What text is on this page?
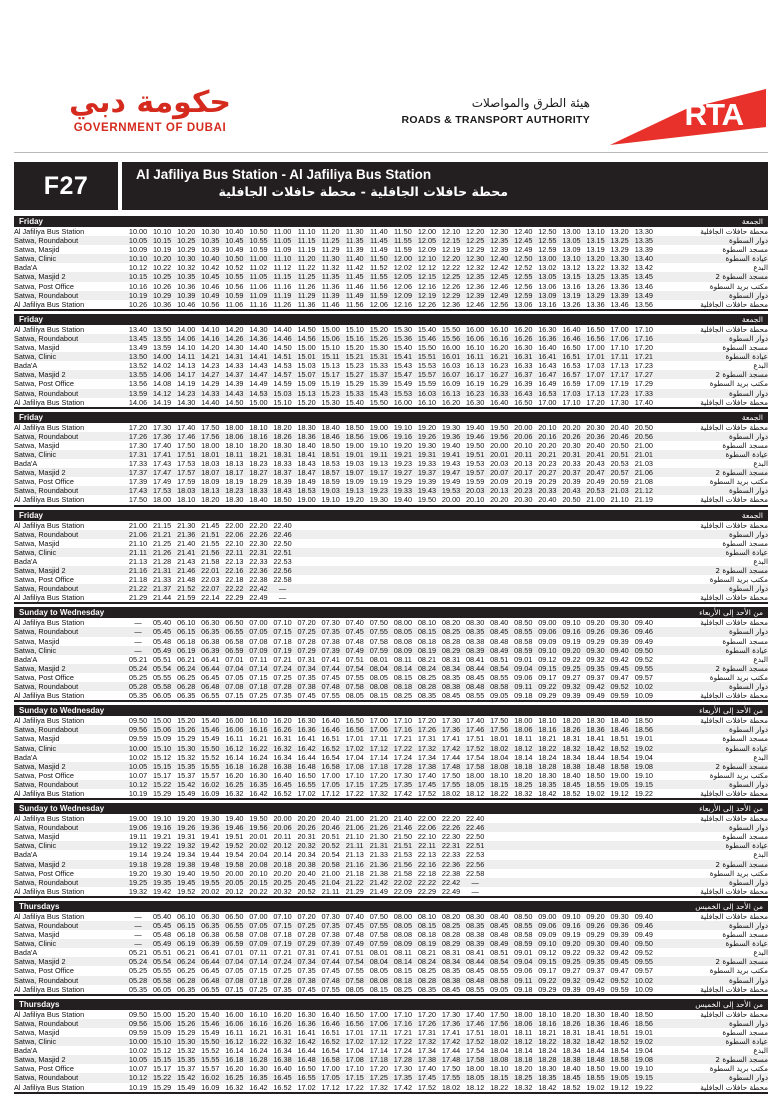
حكومة دبي
GOVERNMENT OF DUBAI
هيئة الطرق والمواصلات
ROADS & TRANSPORT AUTHORITY	RTA
F27	Al Jafiliya Bus Station - Al Jafiliya Bus Station
محطة حافلات الجافلية - محطة حافلات الجافلية
Friday	الجمعة
Al Jafiliya Bus Station	10.00	10.10	10.20	10.30	10.40	10.50	11.00	11.10	11.20	11.30	11.40	11.50	12.00	12.10	12.20	12.30	12.40	12.50	13.00	13.10	13.20	13.30	محطة حافلات الجافلية
Satwa, Roundabout	10.05	10.15	10.25	10.35	10.45	10.55	11.05	11.15	11.25	11.35	11.45	11.55	12.05	12.15	12.25	12.35	12.45	12.55	13.05	13.15	13.25	13.35	دوار السطوة
Satwa, Masjid	10.09	10.19	10.29	10.39	10.49	10.59	11.09	11.19	11.29	11.39	11.49	11.59	12.09	12.19	12.29	12.39	12.49	12.59	13.09	13.19	13.29	13.39	مسجد السطوة
Satwa, Clinic	10.10	10.20	10.30	10.40	10.50	11.00	11.10	11.20	11.30	11.40	11.50	12.00	12.10	12.20	12.30	12.40	12.50	13.00	13.10	13.20	13.30	13.40	عيادة السطوة
Bada'A	10.12	10.22	10.32	10.42	10.52	11.02	11.12	11.22	11.32	11.42	11.52	12.02	12.12	12.22	12.32	12.42	12.52	13.02	13.12	13.22	13.32	13.42	البدع
Satwa, Masjid 2	10.15	10.25	10.35	10.45	10.55	11.05	11.15	11.25	11.35	11.45	11.55	12.05	12.15	12.25	12.35	12.45	12.55	13.05	13.15	13.25	13.35	13.45	مسجد السطوة 2
Satwa, Post Office	10.16	10.26	10.36	10.46	10.56	11.06	11.16	11.26	11.36	11.46	11.56	12.06	12.16	12.26	12.36	12.46	12.56	13.06	13.16	13.26	13.36	13.46	مكتب بريد السطوة
Satwa, Roundabout	10.19	10.29	10.39	10.49	10.59	11.09	11.19	11.29	11.39	11.49	11.59	12.09	12.19	12.29	12.39	12.49	12.59	13.09	13.19	13.29	13.39	13.49	دوار السطوة
Al Jafiliya Bus Station	10.26	10.36	10.46	10.56	11.06	11.16	11.26	11.36	11.46	11.56	12.06	12.16	12.26	12.36	12.46	12.56	13.06	13.16	13.26	13.36	13.46	13.56	محطة حافلات الجافلية
Friday	الجمعة
Al Jafiliya Bus Station	13.40	13.50	14.00	14.10	14.20	14.30	14.40	14.50	15.00	15.10	15.20	15.30	15.40	15.50	16.00	16.10	16.20	16.30	16.40	16.50	17.00	17.10	محطة حافلات الجافلية
Satwa, Roundabout	13.45	13.55	14.06	14.16	14.26	14.36	14.46	14.56	15.06	15.16	15.26	15.36	15.46	15.56	16.06	16.16	16.26	16.36	16.46	16.56	17.06	17.16	دوار السطوة
Satwa, Masjid	13.49	13.59	14.10	14.20	14.30	14.40	14.50	15.00	15.10	15.20	15.30	15.40	15.50	16.00	16.10	16.20	16.30	16.40	16.50	17.00	17.10	17.20	مسجد السطوة
Satwa, Clinic	13.50	14.00	14.11	14.21	14.31	14.41	14.51	15.01	15.11	15.21	15.31	15.41	15.51	16.01	16.11	16.21	16.31	16.41	16.51	17.01	17.11	17.21	عيادة السطوة
Bada'A	13.52	14.02	14.13	14.23	14.33	14.43	14.53	15.03	15.13	15.23	15.33	15.43	15.53	16.03	16.13	16.23	16.33	16.43	16.53	17.03	17.13	17.23	البدع
Satwa, Masjid 2	13.55	14.06	14.17	14.27	14.37	14.47	14.57	15.07	15.17	15.27	15.37	15.47	15.57	16.07	16.17	16.27	16.37	16.47	16.57	17.07	17.17	17.27	مسجد السطوة 2
Satwa, Post Office	13.56	14.08	14.19	14.29	14.39	14.49	14.59	15.09	15.19	15.29	15.39	15.49	15.59	16.09	16.19	16.29	16.39	16.49	16.59	17.09	17.19	17.29	مكتب بريد السطوة
Satwa, Roundabout	13.59	14.12	14.23	14.33	14.43	14.53	15.03	15.13	15.23	15.33	15.43	15.53	16.03	16.13	16.23	16.33	16.43	16.53	17.03	17.13	17.23	17.33	دوار السطوة
Al Jafiliya Bus Station	14.06	14.19	14.30	14.40	14.50	15.00	15.10	15.20	15.30	15.40	15.50	16.00	16.10	16.20	16.30	16.40	16.50	17.00	17.10	17.20	17.30	17.40	محطة حافلات الجافلية
Friday	الجمعة
Al Jafiliya Bus Station	17.20	17.30	17.40	17.50	18.00	18.10	18.20	18.30	18.40	18.50	19.00	19.10	19.20	19.30	19.40	19.50	20.00	20.10	20.20	20.30	20.40	20.50	محطة حافلات الجافلية
Satwa, Roundabout	17.26	17.36	17.46	17.56	18.06	18.16	18.26	18.36	18.46	18.56	19.06	19.16	19.26	19.36	19.46	19.56	20.06	20.16	20.26	20.36	20.46	20.56	دوار السطوة
Satwa, Masjid	17.30	17.40	17.50	18.00	18.10	18.20	18.30	18.40	18.50	19.00	19.10	19.20	19.30	19.40	19.50	20.00	20.10	20.20	20.30	20.40	20.50	21.00	مسجد السطوة
Satwa, Clinic	17.31	17.41	17.51	18.01	18.11	18.21	18.31	18.41	18.51	19.01	19.11	19.21	19.31	19.41	19.51	20.01	20.11	20.21	20.31	20.41	20.51	21.01	عيادة السطوة
Bada'A	17.33	17.43	17.53	18.03	18.13	18.23	18.33	18.43	18.53	19.03	19.13	19.23	19.33	19.43	19.53	20.03	20.13	20.23	20.33	20.43	20.53	21.03	البدع
Satwa, Masjid 2	17.37	17.47	17.57	18.07	18.17	18.27	18.37	18.47	18.57	19.07	19.17	19.27	19.37	19.47	19.57	20.07	20.17	20.27	20.37	20.47	20.57	21.06	مسجد السطوة 2
Satwa, Post Office	17.39	17.49	17.59	18.09	18.19	18.29	18.39	18.49	18.59	19.09	19.19	19.29	19.39	19.49	19.59	20.09	20.19	20.29	20.39	20.49	20.59	21.08	مكتب بريد السطوة
Satwa, Roundabout	17.43	17.53	18.03	18.13	18.23	18.33	18.43	18.53	19.03	19.13	19.23	19.33	19.43	19.53	20.03	20.13	20.23	20.33	20.43	20.53	21.03	21.12	دوار السطوة
Al Jafiliya Bus Station	17.50	18.00	18.10	18.20	18.30	18.40	18.50	19.00	19.10	19.20	19.30	19.40	19.50	20.00	20.10	20.20	20.30	20.40	20.50	21.00	21.10	21.19	محطة حافلات الجافلية
Friday	الجمعة
Al Jafiliya Bus Station	21.00	21.15	21.30	21.45	22.00	22.20	22.40																محطة حافلات الجافلية
Satwa, Roundabout	21.06	21.21	21.36	21.51	22.06	22.26	22.46																دوار السطوة
Satwa, Masjid	21.10	21.25	21.40	21.55	22.10	22.30	22.50																مسجد السطوة
Satwa, Clinic	21.11	21.26	21.41	21.56	22.11	22.31	22.51																عيادة السطوة
Bada'A	21.13	21.28	21.43	21.58	22.13	22.33	22.53																البدع
Satwa, Masjid 2	21.16	21.31	21.46	22.01	22.16	22.36	22.56																مسجد السطوة 2
Satwa, Post Office	21.18	21.33	21.48	22.03	22.18	22.38	22.58																مكتب بريد السطوة
Satwa, Roundabout	21.22	21.37	21.52	22.07	22.22	22.42	—																دوار السطوة
Al Jafiliya Bus Station	21.29	21.44	21.59	22.14	22.29	22.49	—																محطة حافلات الجافلية
Sunday to Wednesday	من الأحد إلى الأربعاء
Al Jafiliya Bus Station	—	05.40	06.10	06.30	06.50	07.00	07.10	07.20	07.30	07.40	07.50	08.00	08.10	08.20	08.30	08.40	08.50	09.00	09.10	09.20	09.30	09.40	محطة حافلات الجافلية
Satwa, Roundabout	—	05.45	06.15	06.35	06.55	07.05	07.15	07.25	07.35	07.45	07.55	08.05	08.15	08.25	08.35	08.45	08.55	09.06	09.16	09.26	09.36	09.46	دوار السطوة
Satwa, Masjid	—	05.48	06.18	06.38	06.58	07.08	07.18	07.28	07.38	07.48	07.58	08.08	08.18	08.28	08.38	08.48	08.58	09.09	09.19	09.29	09.39	09.49	مسجد السطوة
Satwa, Clinic	—	05.49	06.19	06.39	06.59	07.09	07.19	07.29	07.39	07.49	07.59	08.09	08.19	08.29	08.39	08.49	08.59	09.10	09.20	09.30	09.40	09.50	عيادة السطوة
Bada'A	05.21	05.51	06.21	06.41	07.01	07.11	07.21	07.31	07.41	07.51	08.01	08.11	08.21	08.31	08.41	08.51	09.01	09.12	09.22	09.32	09.42	09.52	البدع
Satwa, Masjid 2	05.24	05.54	06.24	06.44	07.04	07.14	07.24	07.34	07.44	07.54	08.04	08.14	08.24	08.34	08.44	08.54	09.04	09.15	09.25	09.35	09.45	09.55	مسجد السطوة 2
Satwa, Post Office	05.25	05.55	06.25	06.45	07.05	07.15	07.25	07.35	07.45	07.55	08.05	08.15	08.25	08.35	08.45	08.55	09.06	09.17	09.27	09.37	09.47	09.57	مكتب بريد السطوة
Satwa, Roundabout	05.28	05.58	06.28	06.48	07.08	07.18	07.28	07.38	07.48	07.58	08.08	08.18	08.28	08.38	08.48	08.58	09.11	09.22	09.32	09.42	09.52	10.02	دوار السطوة
Al Jafiliya Bus Station	05.35	06.05	06.35	06.55	07.15	07.25	07.35	07.45	07.55	08.05	08.15	08.25	08.35	08.45	08.55	09.05	09.18	09.29	09.39	09.49	09.59	10.09	محطة حافلات الجافلية
Sunday to Wednesday	من الأحد إلى الأربعاء
Al Jafiliya Bus Station	09.50	15.00	15.20	15.40	16.00	16.10	16.20	16.30	16.40	16.50	17.00	17.10	17.20	17.30	17.40	17.50	18.00	18.10	18.20	18.30	18.40	18.50	محطة حافلات الجافلية
Satwa, Roundabout	09.56	15.06	15.26	15.46	16.06	16.16	16.26	16.36	16.46	16.56	17.06	17.16	17.26	17.36	17.46	17.56	18.06	18.16	18.26	18.36	18.46	18.56	دوار السطوة
Satwa, Masjid	09.59	15.09	15.29	15.49	16.11	16.21	16.31	16.41	16.51	17.01	17.11	17.21	17.31	17.41	17.51	18.01	18.11	18.21	18.31	18.41	18.51	19.01	مسجد السطوة
Satwa, Clinic	10.00	15.10	15.30	15.50	16.12	16.22	16.32	16.42	16.52	17.02	17.12	17.22	17.32	17.42	17.52	18.02	18.12	18.22	18.32	18.42	18.52	19.02	عيادة السطوة
Bada'A	10.02	15.12	15.32	15.52	16.14	16.24	16.34	16.44	16.54	17.04	17.14	17.24	17.34	17.44	17.54	18.04	18.14	18.24	18.34	18.44	18.54	19.04	البدع
Satwa, Masjid 2	10.05	15.15	15.35	15.55	16.18	16.28	16.38	16.48	16.58	17.08	17.18	17.28	17.38	17.48	17.58	18.08	18.18	18.28	18.38	18.48	18.58	19.08	مسجد السطوة 2
Satwa, Post Office	10.07	15.17	15.37	15.57	16.20	16.30	16.40	16.50	17.00	17.10	17.20	17.30	17.40	17.50	18.00	18.10	18.20	18.30	18.40	18.50	19.00	19.10	مكتب بريد السطوة
Satwa, Roundabout	10.12	15.22	15.42	16.02	16.25	16.35	16.45	16.55	17.05	17.15	17.25	17.35	17.45	17.55	18.05	18.15	18.25	18.35	18.45	18.55	19.05	19.15	دوار السطوة
Al Jafiliya Bus Station	10.19	15.29	15.49	16.09	16.32	16.42	16.52	17.02	17.12	17.22	17.32	17.42	17.52	18.02	18.12	18.22	18.32	18.42	18.52	19.02	19.12	19.22	محطة حافلات الجافلية
Sunday to Wednesday	من الأحد إلى الأربعاء
Al Jafiliya Bus Station	19.00	19.10	19.20	19.30	19.40	19.50	20.00	20.20	20.40	21.00	21.20	21.40	22.00	22.20	22.40								محطة حافلات الجافلية
Satwa, Roundabout	19.06	19.16	19.26	19.36	19.46	19.56	20.06	20.26	20.46	21.06	21.26	21.46	22.06	22.26	22.46								دوار السطوة
Satwa, Masjid	19.11	19.21	19.31	19.41	19.51	20.01	20.11	20.31	20.51	21.10	21.30	21.50	22.10	22.30	22.50								مسجد السطوة
Satwa, Clinic	19.12	19.22	19.32	19.42	19.52	20.02	20.12	20.32	20.52	21.11	21.31	21.51	22.11	22.31	22.51								عيادة السطوة
Bada'A	19.14	19.24	19.34	19.44	19.54	20.04	20.14	20.34	20.54	21.13	21.33	21.53	22.13	22.33	22.53								البدع
Satwa, Masjid 2	19.18	19.28	19.38	19.48	19.58	20.08	20.18	20.38	20.58	21.16	21.36	21.56	22.16	22.36	22.56								مسجد السطوة 2
Satwa, Post Office	19.20	19.30	19.40	19.50	20.00	20.10	20.20	20.40	21.00	21.18	21.38	21.58	22.18	22.38	22.58								مكتب بريد السطوة
Satwa, Roundabout	19.25	19.35	19.45	19.55	20.05	20.15	20.25	20.45	21.04	21.22	21.42	22.02	22.22	22.42	—								دوار السطوة
Al Jafiliya Bus Station	19.32	19.42	19.52	20.02	20.12	20.22	20.32	20.52	21.11	21.29	21.49	22.09	22.29	22.49	—								محطة حافلات الجافلية
Thursdays	من الأحد إلى الخميس
Al Jafiliya Bus Station	—	05.40	06.10	06.30	06.50	07.00	07.10	07.20	07.30	07.40	07.50	08.00	08.10	08.20	08.30	08.40	08.50	09.00	09.10	09.20	09.30	09.40	محطة حافلات الجافلية
Satwa, Roundabout	—	05.45	06.15	06.35	06.55	07.05	07.15	07.25	07.35	07.45	07.55	08.05	08.15	08.25	08.35	08.45	08.55	09.06	09.16	09.26	09.36	09.46	دوار السطوة
Satwa, Masjid	—	05.48	06.18	06.38	06.58	07.08	07.18	07.28	07.38	07.48	07.58	08.08	08.18	08.28	08.38	08.48	08.58	09.09	09.19	09.29	09.39	09.49	مسجد السطوة
Satwa, Clinic	—	05.49	06.19	06.39	06.59	07.09	07.19	07.29	07.39	07.49	07.59	08.09	08.19	08.29	08.39	08.49	08.59	09.10	09.20	09.30	09.40	09.50	عيادة السطوة
Bada'A	05.21	05.51	06.21	06.41	07.01	07.11	07.21	07.31	07.41	07.51	08.01	08.11	08.21	08.31	08.41	08.51	09.01	09.12	09.22	09.32	09.42	09.52	البدع
Satwa, Masjid 2	05.24	05.54	06.24	06.44	07.04	07.14	07.24	07.34	07.44	07.54	08.04	08.14	08.24	08.34	08.44	08.54	09.04	09.15	09.25	09.35	09.45	09.55	مسجد السطوة 2
Satwa, Post Office	05.25	05.55	06.25	06.45	07.05	07.15	07.25	07.35	07.45	07.55	08.05	08.15	08.25	08.35	08.45	08.55	09.06	09.17	09.27	09.37	09.47	09.57	مكتب بريد السطوة
Satwa, Roundabout	05.28	05.58	06.28	06.48	07.08	07.18	07.28	07.38	07.48	07.58	08.08	08.18	08.28	08.38	08.48	08.58	09.11	09.22	09.32	09.42	09.52	10.02	دوار السطوة
Al Jafiliya Bus Station	05.35	06.05	06.35	06.55	07.15	07.25	07.35	07.45	07.55	08.05	08.15	08.25	08.35	08.45	08.55	09.05	09.18	09.29	09.39	09.49	09.59	10.09	محطة حافلات الجافلية
Thursdays	من الأحد إلى الخميس
Al Jafiliya Bus Station	09.50	15.00	15.20	15.40	16.00	16.10	16.20	16.30	16.40	16.50	17.00	17.10	17.20	17.30	17.40	17.50	18.00	18.10	18.20	18.30	18.40	18.50	محطة حافلات الجافلية
Satwa, Roundabout	09.56	15.06	15.26	15.46	16.06	16.16	16.26	16.36	16.46	16.56	17.06	17.16	17.26	17.36	17.46	17.56	18.06	18.16	18.26	18.36	18.46	18.56	دوار السطوة
Satwa, Masjid	09.59	15.09	15.29	15.49	16.11	16.21	16.31	16.41	16.51	17.01	17.11	17.21	17.31	17.41	17.51	18.01	18.11	18.21	18.31	18.41	18.51	19.01	مسجد السطوة
Satwa, Clinic	10.00	15.10	15.30	15.50	16.12	16.22	16.32	16.42	16.52	17.02	17.12	17.22	17.32	17.42	17.52	18.02	18.12	18.22	18.32	18.42	18.52	19.02	عيادة السطوة
Bada'A	10.02	15.12	15.32	15.52	16.14	16.24	16.34	16.44	16.54	17.04	17.14	17.24	17.34	17.44	17.54	18.04	18.14	18.24	18.34	18.44	18.54	19.04	البدع
Satwa, Masjid 2	10.05	15.15	15.35	15.55	16.18	16.28	16.38	16.48	16.58	17.08	17.18	17.28	17.38	17.48	17.58	18.08	18.18	18.28	18.38	18.48	18.58	19.08	مسجد السطوة 2
Satwa, Post Office	10.07	15.17	15.37	15.57	16.20	16.30	16.40	16.50	17.00	17.10	17.20	17.30	17.40	17.50	18.00	18.10	18.20	18.30	18.40	18.50	19.00	19.10	مكتب بريد السطوة
Satwa, Roundabout	10.12	15.22	15.42	16.02	16.25	16.35	16.45	16.55	17.05	17.15	17.25	17.35	17.45	17.55	18.05	18.15	18.25	18.35	18.45	18.55	19.05	19.15	دوار السطوة
Al Jafiliya Bus Station	10.19	15.29	15.49	16.09	16.32	16.42	16.52	17.02	17.12	17.22	17.32	17.42	17.52	18.02	18.12	18.22	18.32	18.42	18.52	19.02	19.12	19.22	محطة حافلات الجافلية
